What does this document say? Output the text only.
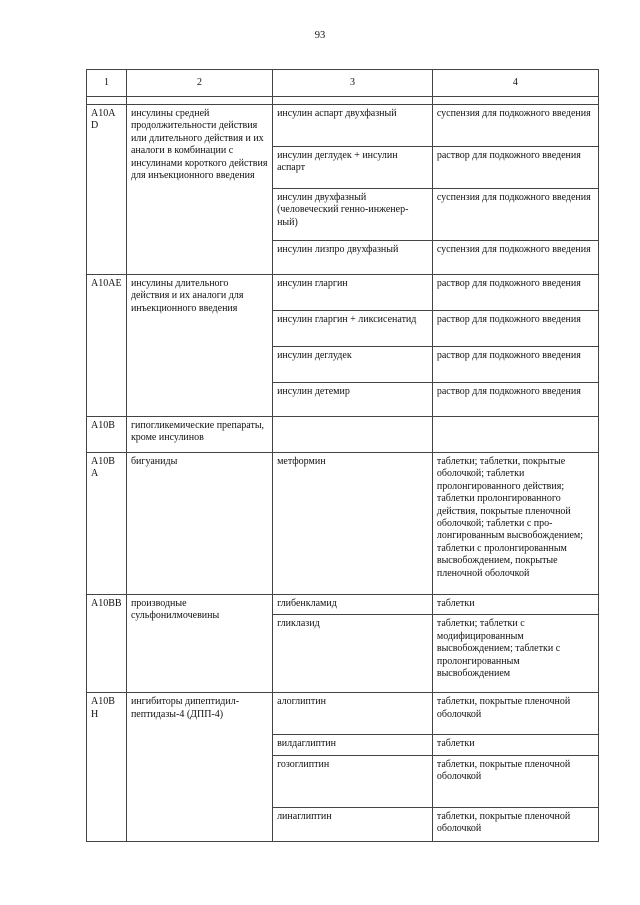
93
1	2	3	4

A10AD	инсулины средней продолжительности действия или длительного действия и их аналоги в комбинации с инсулинами короткого действия для инъекционного введения	инсулин аспарт двухфазный	суспензия для подкожного введения
		инсулин деглудек + инсулин аспарт	раствор для подкожного введения
		инсулин двухфазный (человеческий генно-инженер-ный)	суспензия для подкожного введения
		инсулин лизпро двухфазный	суспензия для подкожного введения
A10AE	инсулины длительного действия и их аналоги для инъекционного введения	инсулин гларгин	раствор для подкожного введения
		инсулин гларгин + ликсисенатид	раствор для подкожного введения
		инсулин деглудек	раствор для подкожного введения
		инсулин детемир	раствор для подкожного введения
A10B	гипогликемические препараты, кроме инсулинов		
A10BA	бигуаниды	метформин	таблетки; таблетки, покрытые оболочкой; таблетки пролонгированного действия; таблетки пролонгированного действия, покрытые пленочной оболочкой; таблетки с про-лонгированным высвобождением; таблетки с пролонгированным высвобождением, покрытые пленочной оболочкой
A10BB	производные сульфонилмочевины	глибенкламид	таблетки
		гликлазид	таблетки; таблетки с модифицированным высвобождением; таблетки с пролонгированным высвобождением
A10BH	ингибиторы дипептидил-пептидазы-4 (ДПП-4)	алоглиптин	таблетки, покрытые пленочной оболочкой
		вилдаглиптин	таблетки
		гозоглиптин	таблетки, покрытые пленочной оболочкой
		линаглиптин	таблетки, покрытые пленочной оболочкой
